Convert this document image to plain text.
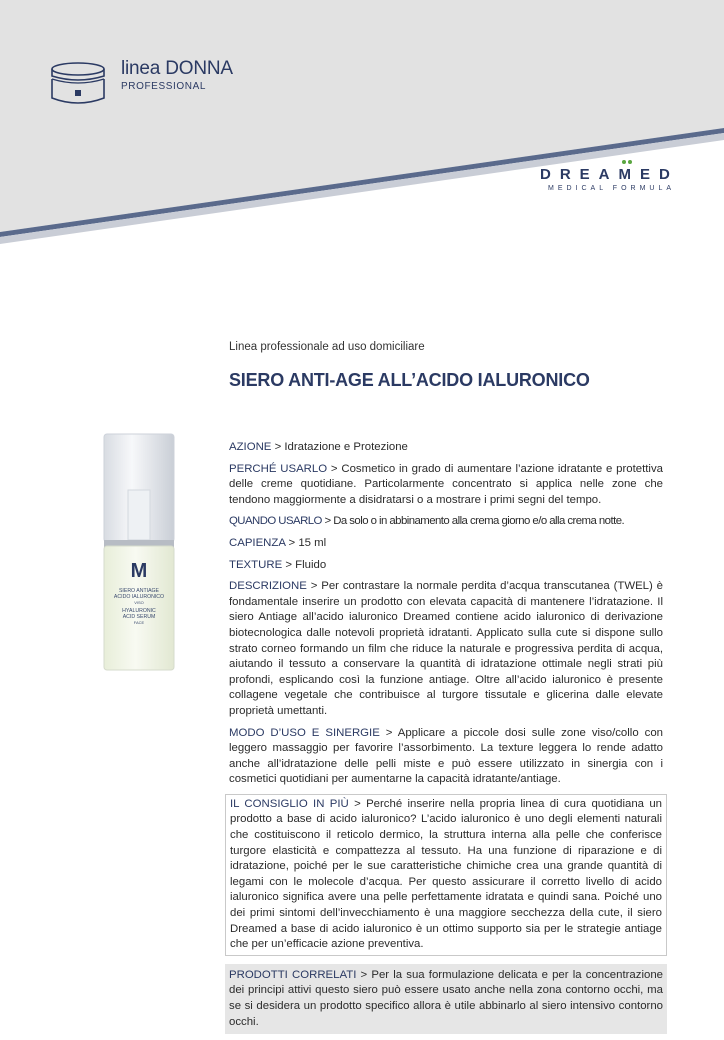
linea DONNA
PROFESSIONAL
DREAMED
MEDICAL FORMULA
Linea professionale ad uso domiciliare
SIERO ANTI-AGE ALL’ACIDO IALURONICO
M
SIERO ANTIAGE
ACIDO IALURONICO
VISO
HYALURONIC
ACID SERUM
FACE

AZIONE > Idratazione e Protezione

PERCHÉ USARLO > Cosmetico in grado di aumentare l’azione idratante e protettiva delle creme quotidiane. Particolarmente concentrato si applica nelle zone che tendono maggiormente a disidratarsi o a mostrare i primi segni del tempo.

QUANDO USARLO > Da solo o in abbinamento alla crema giorno e/o alla crema notte.

CAPIENZA > 15 ml

TEXTURE > Fluido

DESCRIZIONE > Per contrastare la normale perdita d’acqua transcutanea (TWEL) è fondamentale inserire un prodotto con elevata capacità di mantenere l’idratazione. Il siero Antiage all’acido ialuronico Dreamed contiene acido ialuronico di derivazione biotecnologica dalle notevoli proprietà idratanti. Applicato sulla cute si dispone sullo strato corneo formando un film che riduce la naturale e progressiva perdita di acqua, aiutando il tessuto a conservare la quantità di idratazione ottimale negli strati più profondi, esplicando così la funzione antiage. Oltre all’acido ialuronico è presente collagene vegetale che contribuisce al turgore tissutale e glicerina dalle elevate proprietà umettanti.

MODO D’USO E SINERGIE > Applicare a piccole dosi sulle zone viso/collo con leggero massaggio per favorire l’assorbimento. La texture leggera lo rende adatto anche all’idratazione delle pelli miste e può essere utilizzato in sinergia con i cosmetici quotidiani per aumentarne la capacità idratante/antiage.

IL CONSIGLIO IN PIÙ > Perché inserire nella propria linea di cura quotidiana un prodotto a base di acido ialuronico? L’acido ialuronico è uno degli elementi naturali che costituiscono il reticolo dermico, la struttura interna alla pelle che conferisce turgore elasticità e compattezza al tessuto. Ha una funzione di riparazione e di idratazione, poiché per le sue caratteristiche chimiche crea una grande quantità di legami con le molecole d’acqua. Per questo assicurare il corretto livello di acido ialuronico significa avere una pelle perfettamente idratata e quindi sana. Poiché uno dei primi sintomi dell’invecchiamento è una maggiore secchezza della cute, il siero Dreamed a base di acido ialuronico è un ottimo supporto sia per le strategie antiage che per un’efficacie azione preventiva.
PRODOTTI CORRELATI > Per la sua formulazione delicata e per la concentrazione dei principi attivi questo siero può essere usato anche nella zona contorno occhi, ma se si desidera un prodotto specifico allora è utile abbinarlo al siero intensivo contorno occhi.
